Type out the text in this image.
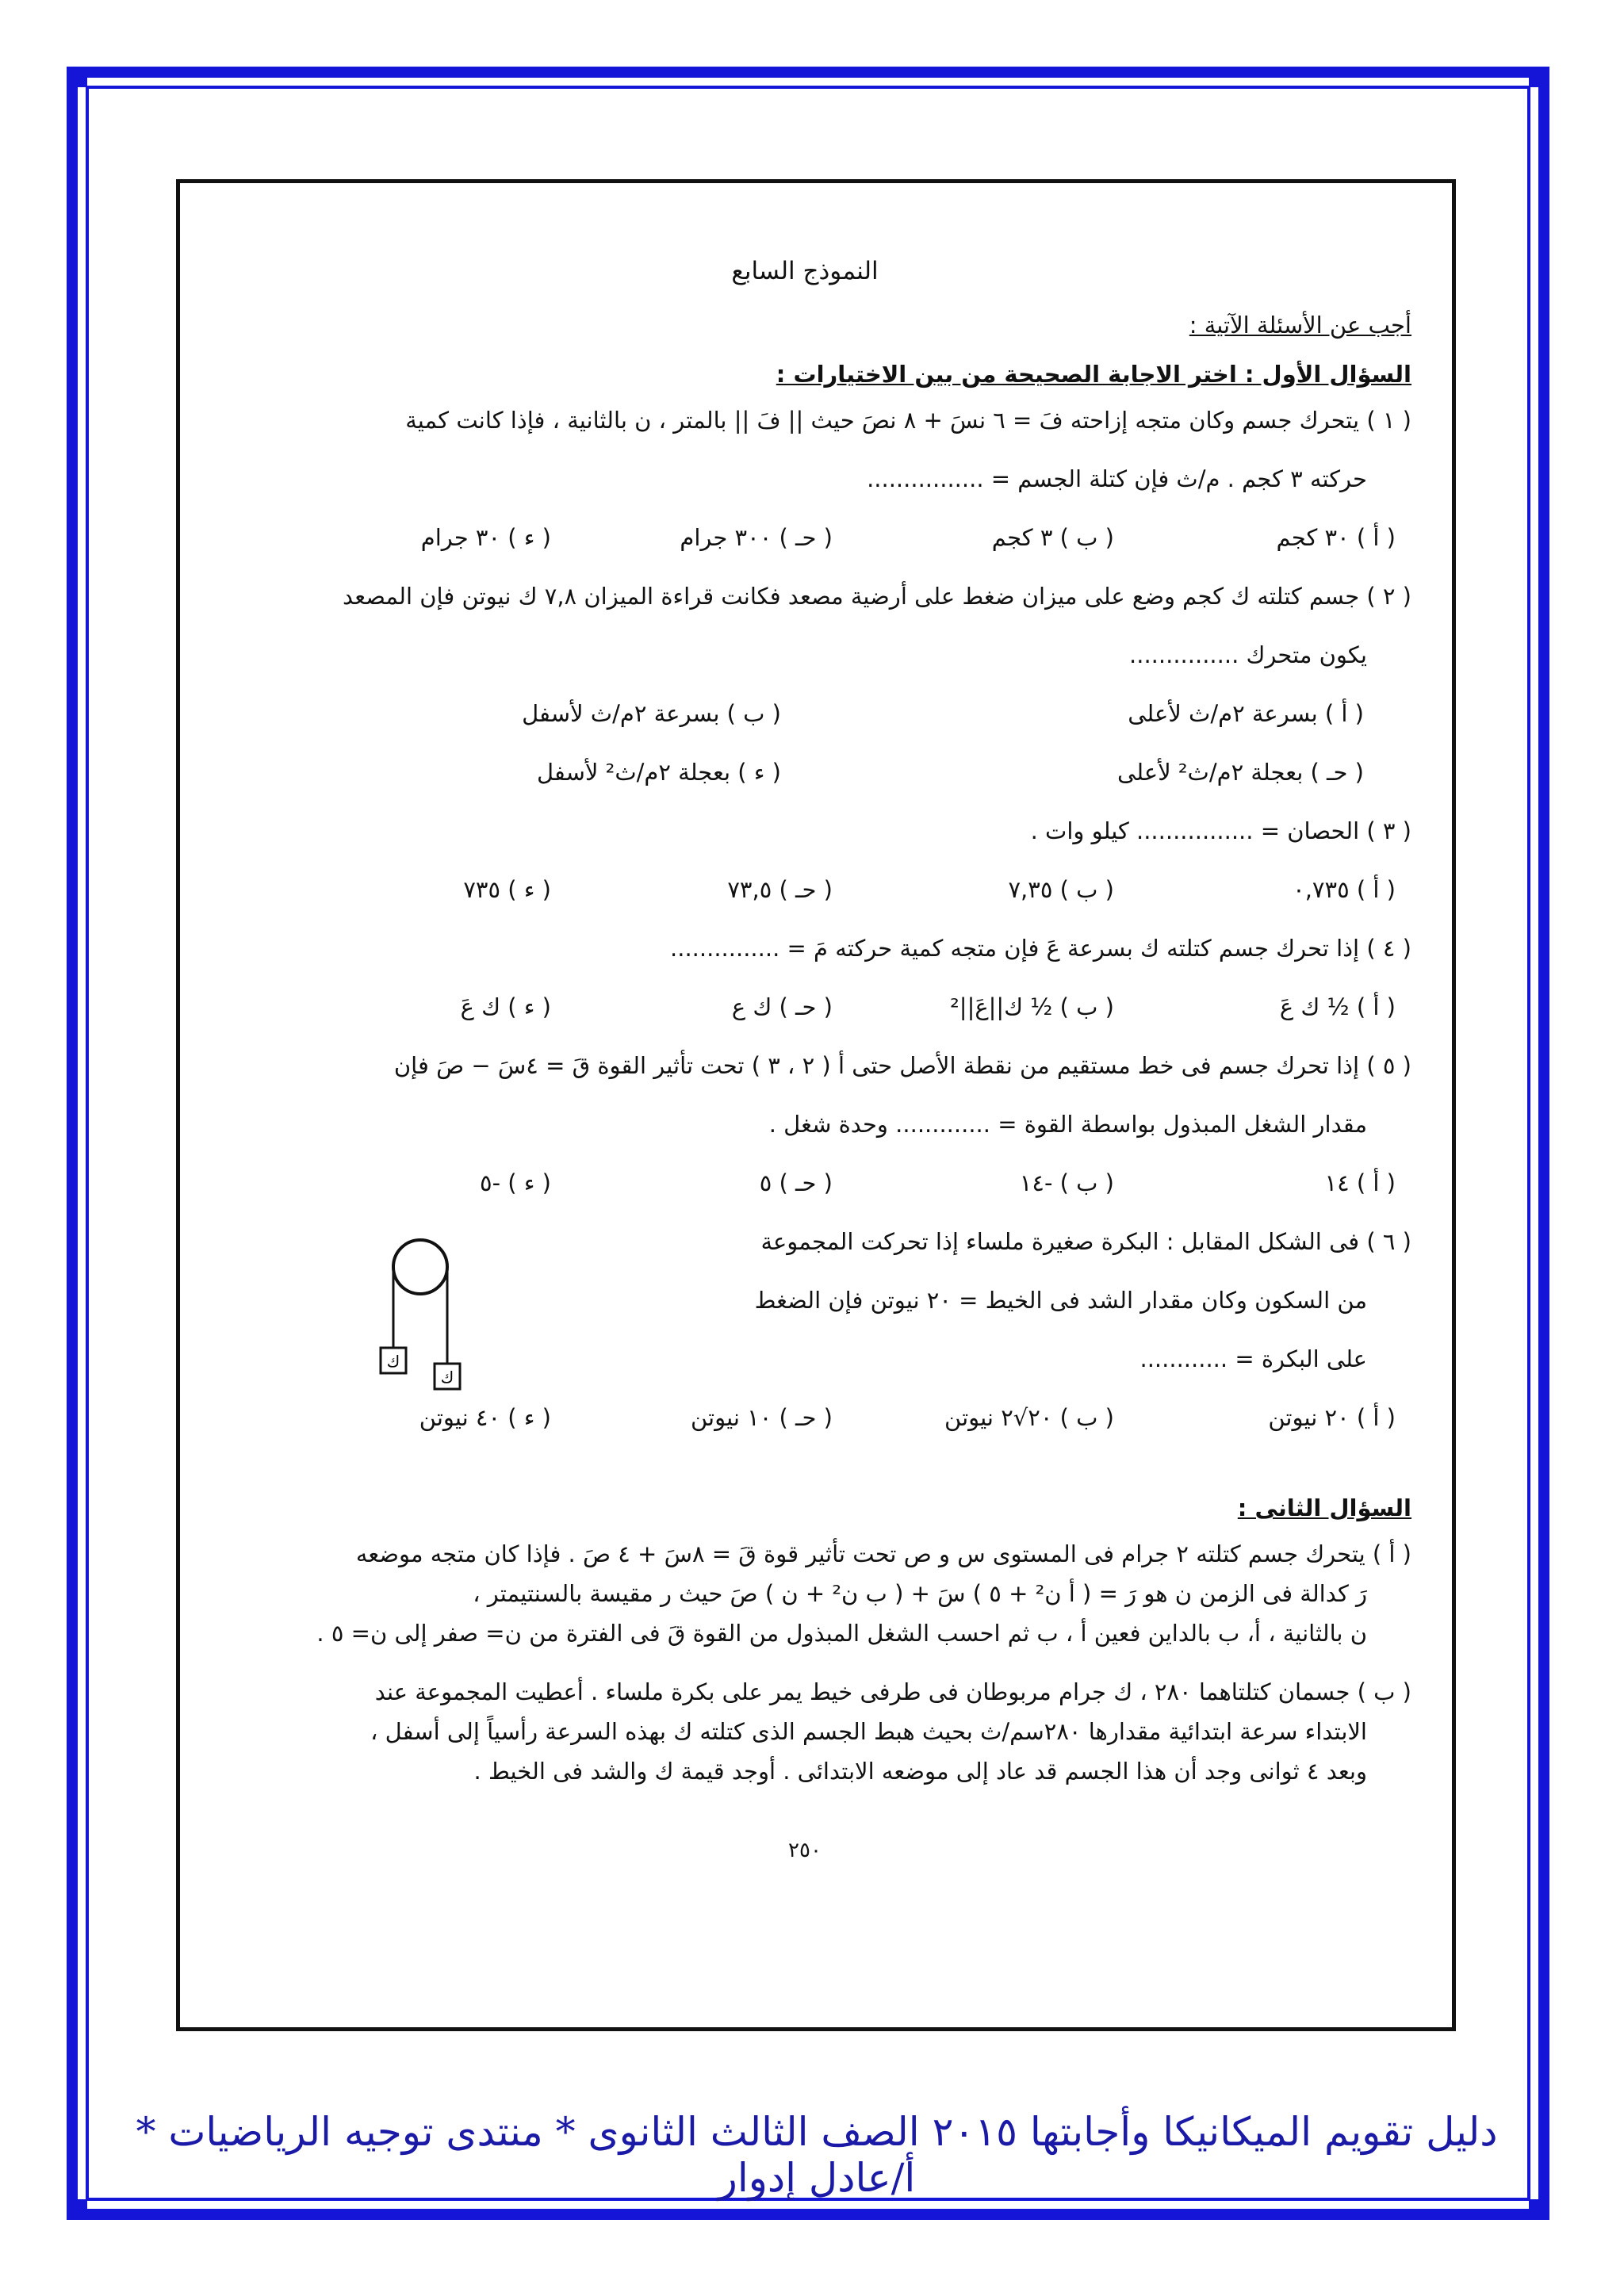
النموذج السابع
أجب عن الأسئلة الآتية :
السؤال الأول : اختر الاجابة الصحيحة من بين الاختيارات :
( ١ ) يتحرك جسم وكان متجه إزاحته فَ = ٦ نسَ + ٨ نصَ حيث || فَ || بالمتر ، ن بالثانية ، فإذا كانت كمية
حركته ٣ كجم . م/ث فإن كتلة الجسم = ................
( أ ) ٣٠ كجم
( ب ) ٣ كجم
( حـ ) ٣٠٠ جرام
( ء ) ٣٠ جرام
( ٢ ) جسم كتلته ك كجم وضع على ميزان ضغط على أرضية مصعد فكانت قراءة الميزان ٧,٨ ك نيوتن فإن المصعد
يكون متحرك ...............
( أ ) بسرعة ٢م/ث لأعلى
( ب ) بسرعة ٢م/ث لأسفل
( حـ ) بعجلة ٢م/ث² لأعلى
( ء ) بعجلة ٢م/ث² لأسفل
( ٣ ) الحصان = ................ كيلو وات .
( أ ) ٠,٧٣٥
( ب ) ٧,٣٥
( حـ ) ٧٣,٥
( ء ) ٧٣٥
( ٤ ) إذا تحرك جسم كتلته ك بسرعة عَ فإن متجه كمية حركته مَ = ...............
( أ ) ½ ك عَ
( ب ) ½ ك||عَ||²
( حـ ) ك ع
( ء ) ك عَ
( ٥ ) إذا تحرك جسم فى خط مستقيم من نقطة الأصل حتى أ ( ٢ ، ٣ ) تحت تأثير القوة قَ = ٤سَ − صَ فإن
مقدار الشغل المبذول بواسطة القوة = ............. وحدة شغل .
( أ ) ١٤
( ب ) -١٤
( حـ ) ٥
( ء ) -٥
( ٦ ) فى الشكل المقابل : البكرة صغيرة ملساء إذا تحركت المجموعة
من السكون وكان مقدار الشد فى الخيط = ٢٠ نيوتن فإن الضغط
على البكرة = ............
( أ ) ٢٠ نيوتن
( ب ) ٢٠√٢ نيوتن
( حـ ) ١٠ نيوتن
( ء ) ٤٠ نيوتن
السؤال الثانى :
( أ ) يتحرك جسم كتلته ٢ جرام فى المستوى س و ص تحت تأثير قوة قَ = ٨سَ + ٤ صَ . فإذا كان متجه موضعه
رَ كدالة فى الزمن ن هو رَ = ( أ ن² + ٥ ) سَ + ( ب ن² + ن ) صَ حيث ر مقيسة بالسنتيمتر ،
ن بالثانية ، أ، ب بالداين فعين أ ، ب ثم احسب الشغل المبذول من القوة قَ فى الفترة من ن= صفر إلى ن= ٥ .
( ب ) جسمان كتلتاهما ٢٨٠ ، ك جرام مربوطان فى طرفى خيط يمر على بكرة ملساء . أعطيت المجموعة عند
الابتداء سرعة ابتدائية مقدارها ٢٨٠سم/ث بحيث هبط الجسم الذى كتلته ك بهذه السرعة رأسياً إلى أسفل ،
وبعد ٤ ثوانى وجد أن هذا الجسم قد عاد إلى موضعه الابتدائى . أوجد قيمة ك والشد فى الخيط .
٢٥٠
ك
ك
دليل تقويم الميكانيكا وأجابتها ٢٠١٥ الصف الثالث الثانوى * منتدى توجيه الرياضيات * أ/عادل إدوار
